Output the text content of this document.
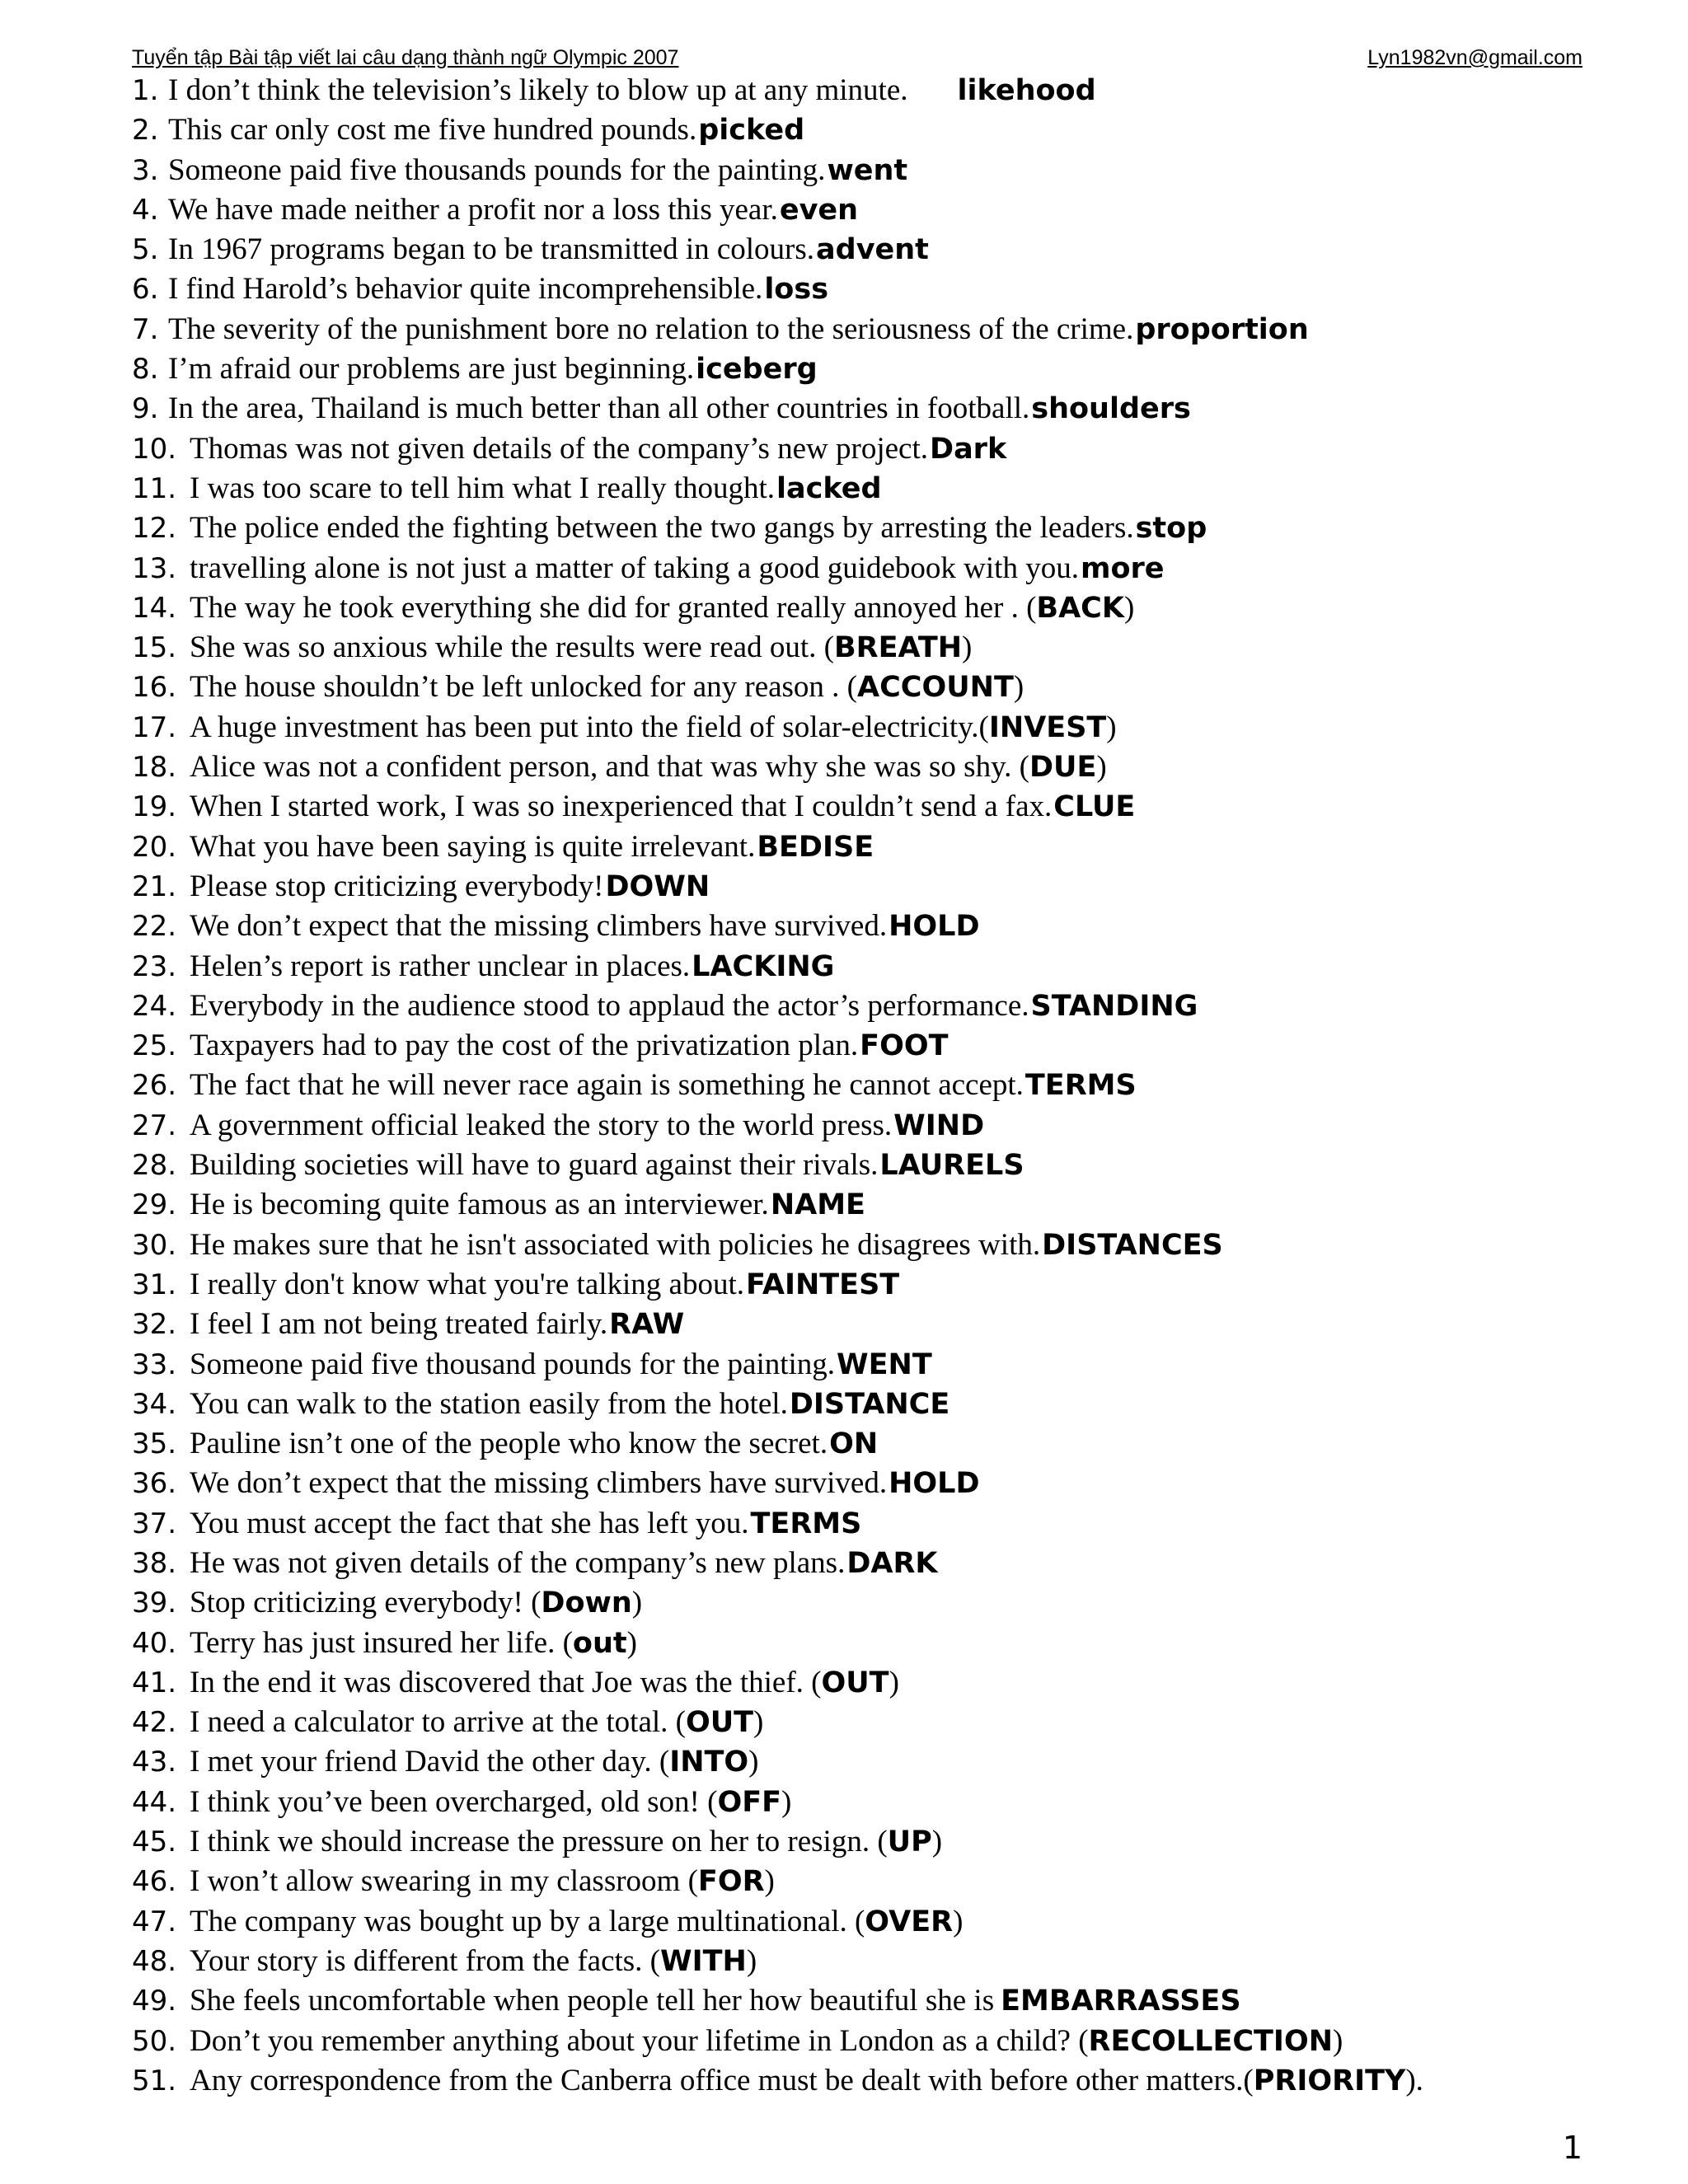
Tuyển tập Bài tập viết lai câu dạng thành ngữ Olympic 2007	Lyn1982vn@gmail.com
1. I don’t think the television’s likely to blow up at any minute. likehood
2. This car only cost me five hundred pounds.picked
3. Someone paid five thousands pounds for the painting.went
4. We have made neither a profit nor a loss this year.even
5. In 1967 programs began to be transmitted in colours.advent
6. I find Harold’s behavior quite incomprehensible.loss
7. The severity of the punishment bore no relation to the seriousness of the crime.proportion
8. I’m afraid our problems are just beginning.iceberg
9. In the area, Thailand is much better than all other countries in football.shoulders
10. Thomas was not given details of the company’s new project.Dark
11. I was too scare to tell him what I really thought.lacked
12. The police ended the fighting between the two gangs by arresting the leaders.stop
13. travelling alone is not just a matter of taking a good guidebook with you.more
14. The way he took everything she did for granted really annoyed her . (BACK)
15. She was so anxious while the results were read out. (BREATH)
16. The house shouldn’t be left unlocked for any reason . (ACCOUNT)
17. A huge investment has been put into the field of solar-electricity.(INVEST)
18. Alice was not a confident person, and that was why she was so shy. (DUE)
19. When I started work, I was so inexperienced that I couldn’t send a fax.CLUE
20. What you have been saying is quite irrelevant.BEDISE
21. Please stop criticizing everybody!DOWN
22. We don’t expect that the missing climbers have survived.HOLD
23. Helen’s report is rather unclear in places.LACKING
24. Everybody in the audience stood to applaud the actor’s performance.STANDING
25. Taxpayers had to pay the cost of the privatization plan.FOOT
26. The fact that he will never race again is something he cannot accept.TERMS
27. A government official leaked the story to the world press.WIND
28. Building societies will have to guard against their rivals.LAURELS
29. He is becoming quite famous as an interviewer.NAME
30. He makes sure that he isn't associated with policies he disagrees with.DISTANCES
31. I really don't know what you're talking about.FAINTEST
32. I feel I am not being treated fairly.RAW
33. Someone paid five thousand pounds for the painting.WENT
34. You can walk to the station easily from the hotel.DISTANCE
35. Pauline isn’t one of the people who know the secret.ON
36. We don’t expect that the missing climbers have survived.HOLD
37. You must accept the fact that she has left you.TERMS
38. He was not given details of the company’s new plans.DARK
39. Stop criticizing everybody! (Down)
40. Terry has just insured her life. (out)
41. In the end it was discovered that Joe was the thief. (OUT)
42. I need a calculator to arrive at the total. (OUT)
43. I met your friend David the other day. (INTO)
44. I think you’ve been overcharged, old son! (OFF)
45. I think we should increase the pressure on her to resign. (UP)
46. I won’t allow swearing in my classroom (FOR)
47. The company was bought up by a large multinational. (OVER)
48. Your story is different from the facts. (WITH)
49. She feels uncomfortable when people tell her how beautiful she is EMBARRASSES
50. Don’t you remember anything about your lifetime in London as a child? (RECOLLECTION)
51. Any correspondence from the Canberra office must be dealt with before other matters.(PRIORITY).
1
